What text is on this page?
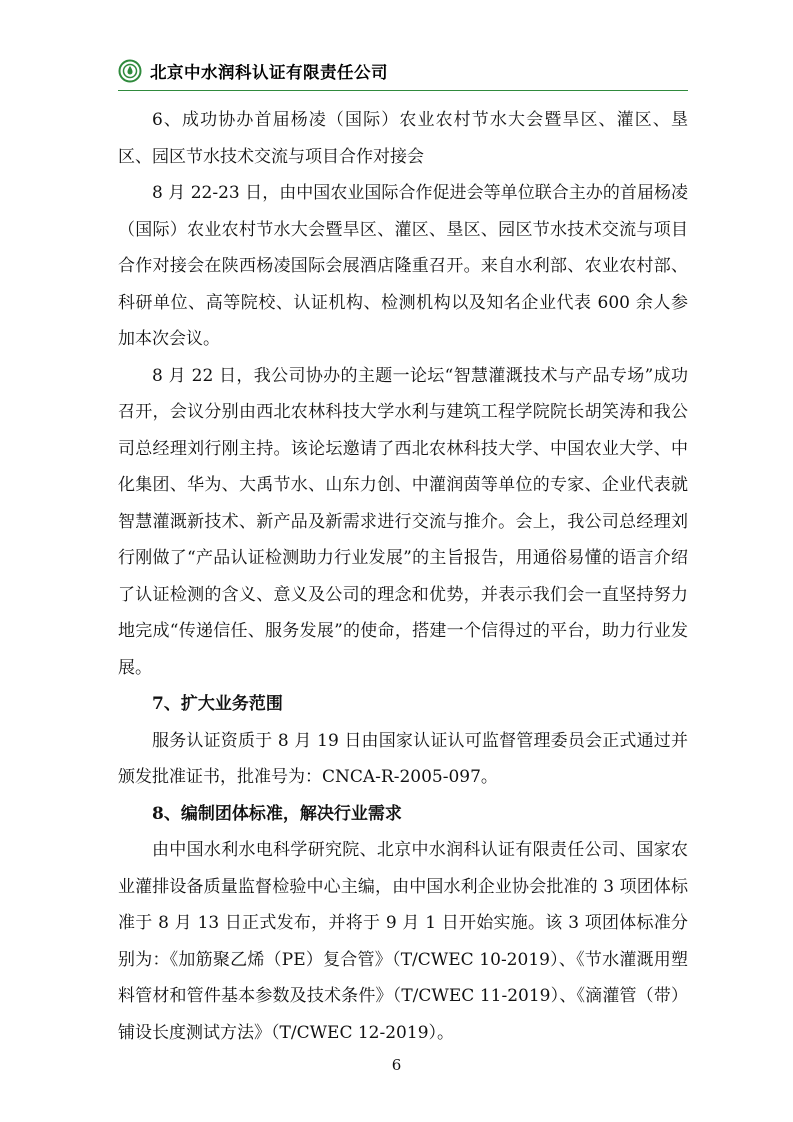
北京中水润科认证有限责任公司

6、成功协办首届杨凌（国际）农业农村节水大会暨旱区、灌区、垦区、园区节水技术交流与项目合作对接会

8 月 22-23 日，由中国农业国际合作促进会等单位联合主办的首届杨凌（国际）农业农村节水大会暨旱区、灌区、垦区、园区节水技术交流与项目合作对接会在陕西杨凌国际会展酒店隆重召开。来自水利部、农业农村部、科研单位、高等院校、认证机构、检测机构以及知名企业代表 600 余人参加本次会议。

8 月 22 日，我公司协办的主题一论坛“智慧灌溉技术与产品专场”成功召开，会议分别由西北农林科技大学水利与建筑工程学院院长胡笑涛和我公司总经理刘行刚主持。该论坛邀请了西北农林科技大学、中国农业大学、中化集团、华为、大禹节水、山东力创、中灌润茵等单位的专家、企业代表就智慧灌溉新技术、新产品及新需求进行交流与推介。会上，我公司总经理刘行刚做了“产品认证检测助力行业发展”的主旨报告，用通俗易懂的语言介绍了认证检测的含义、意义及公司的理念和优势，并表示我们会一直坚持努力地完成“传递信任、服务发展”的使命，搭建一个信得过的平台，助力行业发展。

7、扩大业务范围

服务认证资质于 8 月 19 日由国家认证认可监督管理委员会正式通过并颁发批准证书，批准号为：CNCA-R-2005-097。

8、编制团体标准，解决行业需求

由中国水利水电科学研究院、北京中水润科认证有限责任公司、国家农业灌排设备质量监督检验中心主编，由中国水利企业协会批准的 3 项团体标准于 8 月 13 日正式发布，并将于 9 月 1 日开始实施。该 3 项团体标准分别为：《加筋聚乙烯（PE）复合管》（T/CWEC 10-2019）、《节水灌溉用塑料管材和管件基本参数及技术条件》（T/CWEC 11-2019）、《滴灌管（带）铺设长度测试方法》（T/CWEC 12-2019）。

6
